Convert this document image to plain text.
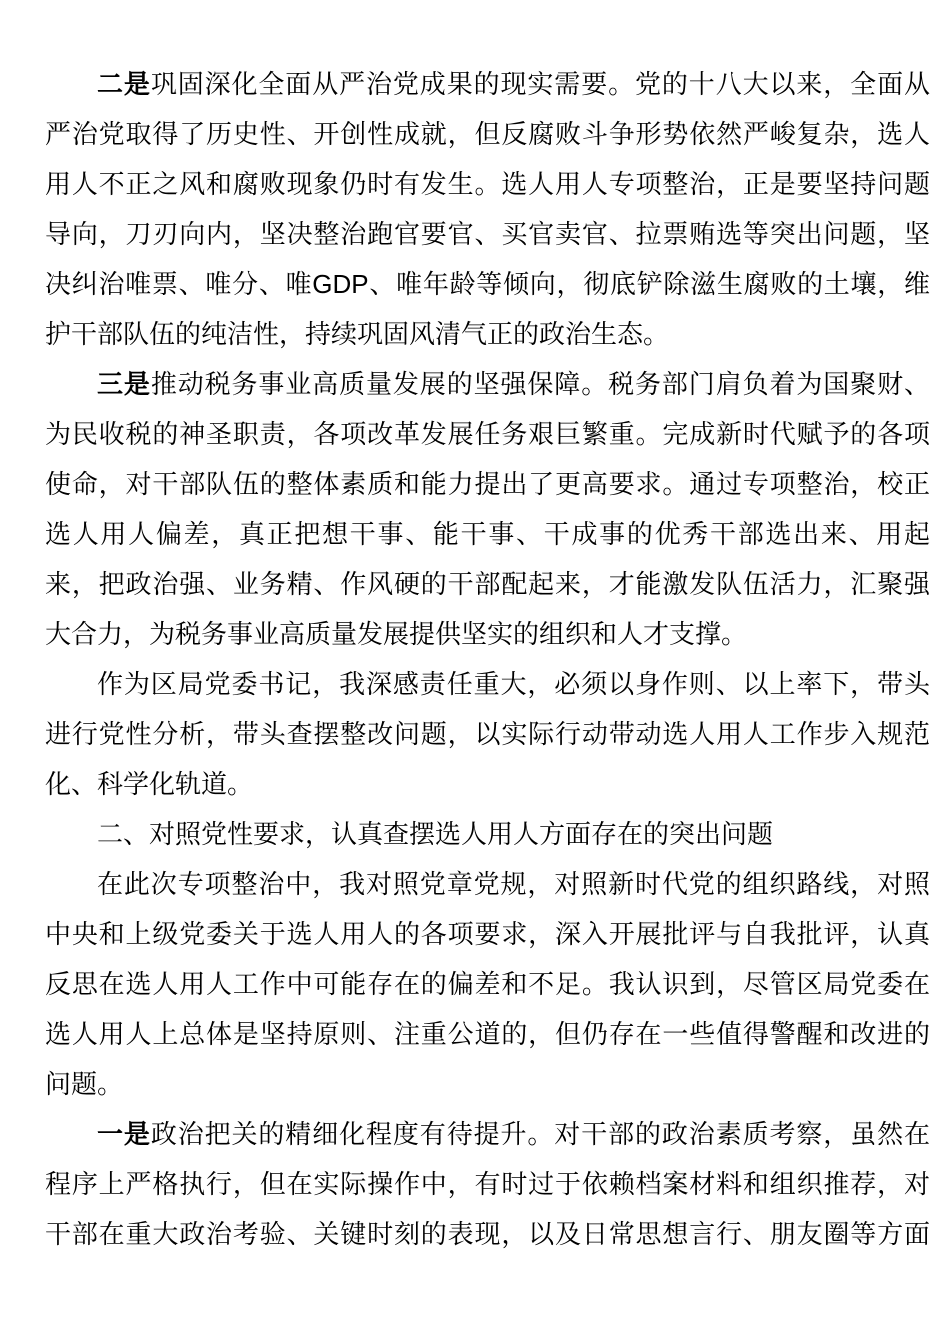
二是巩固深化全面从严治党成果的现实需要。党的十八大以来，全面从
严治党取得了历史性、开创性成就，但反腐败斗争形势依然严峻复杂，选人
用人不正之风和腐败现象仍时有发生。选人用人专项整治，正是要坚持问题
导向，刀刃向内，坚决整治跑官要官、买官卖官、拉票贿选等突出问题，坚
决纠治唯票、唯分、唯GDP、唯年龄等倾向，彻底铲除滋生腐败的土壤，维
护干部队伍的纯洁性，持续巩固风清气正的政治生态。
三是推动税务事业高质量发展的坚强保障。税务部门肩负着为国聚财、
为民收税的神圣职责，各项改革发展任务艰巨繁重。完成新时代赋予的各项
使命，对干部队伍的整体素质和能力提出了更高要求。通过专项整治，校正
选人用人偏差，真正把想干事、能干事、干成事的优秀干部选出来、用起
来，把政治强、业务精、作风硬的干部配起来，才能激发队伍活力，汇聚强
大合力，为税务事业高质量发展提供坚实的组织和人才支撑。
作为区局党委书记，我深感责任重大，必须以身作则、以上率下，带头
进行党性分析，带头查摆整改问题，以实际行动带动选人用人工作步入规范
化、科学化轨道。
二、对照党性要求，认真查摆选人用人方面存在的突出问题
在此次专项整治中，我对照党章党规，对照新时代党的组织路线，对照
中央和上级党委关于选人用人的各项要求，深入开展批评与自我批评，认真
反思在选人用人工作中可能存在的偏差和不足。我认识到，尽管区局党委在
选人用人上总体是坚持原则、注重公道的，但仍存在一些值得警醒和改进的
问题。
一是政治把关的精细化程度有待提升。对干部的政治素质考察，虽然在
程序上严格执行，但在实际操作中，有时过于依赖档案材料和组织推荐，对
干部在重大政治考验、关键时刻的表现，以及日常思想言行、朋友圈等方面
